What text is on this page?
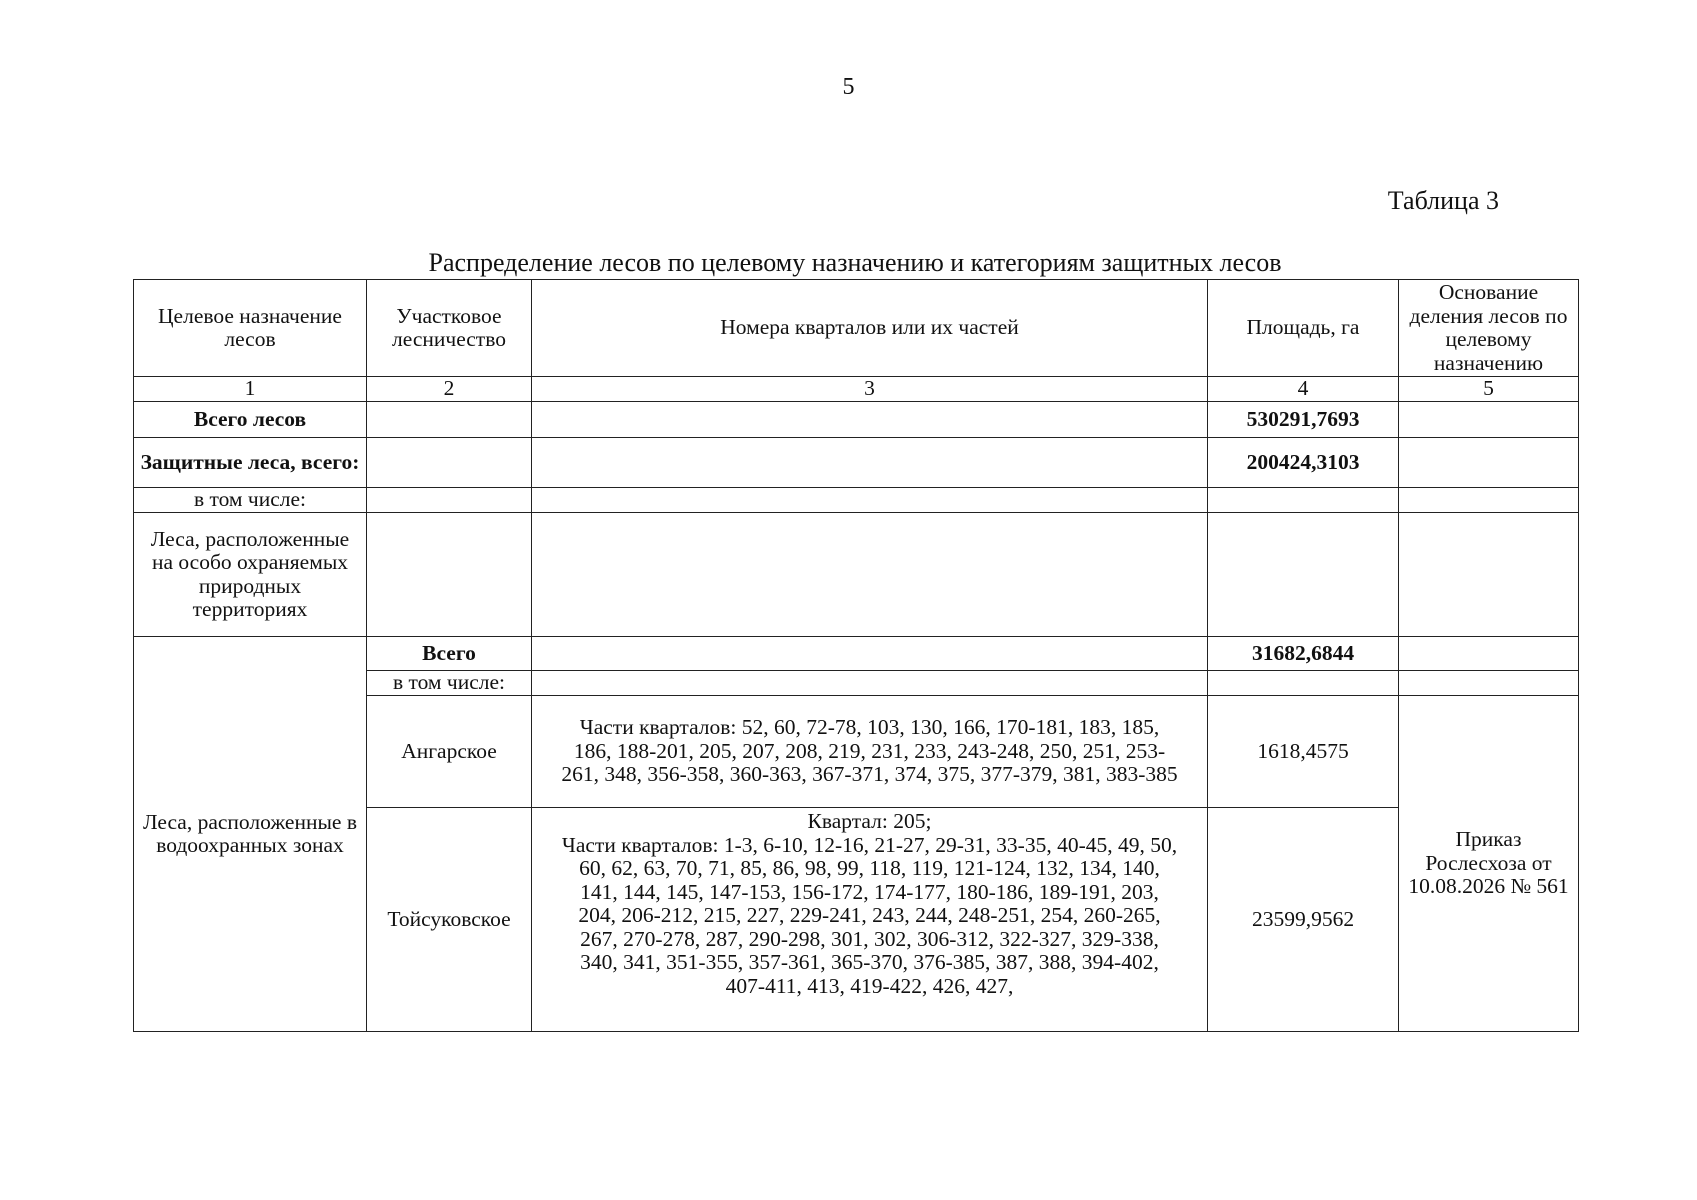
5
Таблица 3
Распределение лесов по целевому назначению и категориям защитных лесов
Целевое назначение лесов	Участковое лесничество	Номера кварталов или их частей	Площадь, га	Основание деления лесов по целевому назначению
1	2	3	4	5
Всего лесов			530291,7693	
Защитные леса, всего:			200424,3103	
в том числе:				
Леса, расположенные на особо охраняемых природных территориях				
Леса, расположенные в водоохранных зонах	Всего		31682,6844	
	в том числе:			
	Ангарское	Части кварталов: 52, 60, 72-78, 103, 130, 166, 170-181, 183, 185, 186, 188-201, 205, 207, 208, 219, 231, 233, 243-248, 250, 251, 253-261, 348, 356-358, 360-363, 367-371, 374, 375, 377-379, 381, 383-385	1618,4575	Приказ Рослесхоза от 10.08.2026 № 561
	Тойсуковское	Квартал: 205;
Части кварталов: 1-3, 6-10, 12-16, 21-27, 29-31, 33-35, 40-45, 49, 50, 60, 62, 63, 70, 71, 85, 86, 98, 99, 118, 119, 121-124, 132, 134, 140, 141, 144, 145, 147-153, 156-172, 174-177, 180-186, 189-191, 203, 204, 206-212, 215, 227, 229-241, 243, 244, 248-251, 254, 260-265, 267, 270-278, 287, 290-298, 301, 302, 306-312, 322-327, 329-338, 340, 341, 351-355, 357-361, 365-370, 376-385, 387, 388, 394-402, 407-411, 413, 419-422, 426, 427,	23599,9562	
